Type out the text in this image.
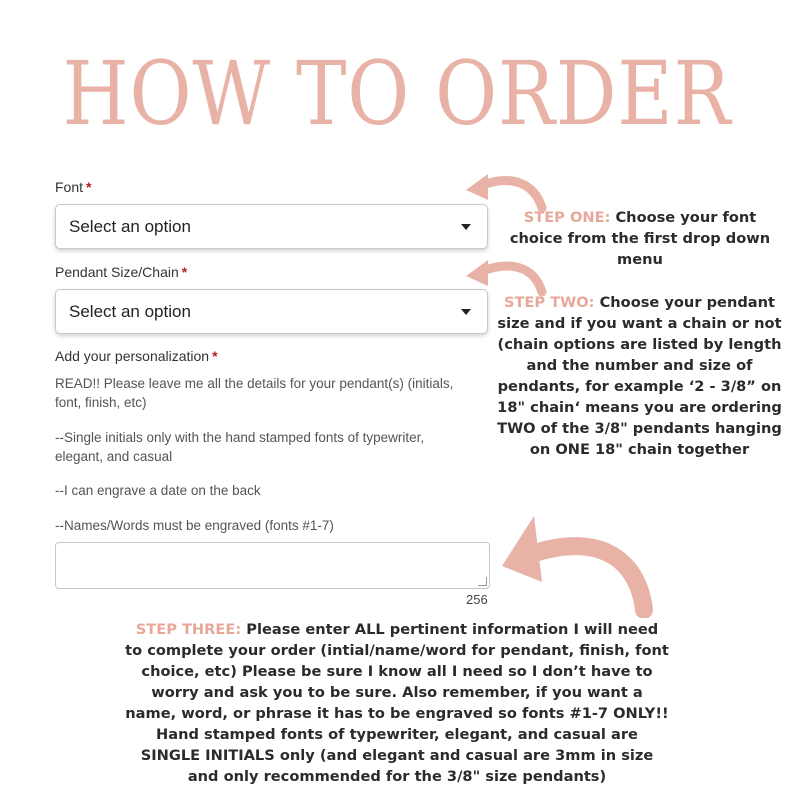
HOW TO ORDER
Font *
Select an option
Pendant Size/Chain *
Select an option
Add your personalization *
READ!! Please leave me all the details for your pendant(s) (initials, font, finish, etc)
--Single initials only with the hand stamped fonts of typewriter, elegant, and casual
--I can engrave a date on the back
--Names/Words must be engraved (fonts #1-7)
256
STEP ONE: Choose your font choice from the first drop down menu
STEP TWO: Choose your pendant size and if you want a chain or not (chain options are listed by length and the number and size of pendants, for example ‘2 - 3/8” on 18" chain‘ means you are ordering TWO of the 3/8" pendants hanging on ONE 18" chain together
STEP THREE: Please enter ALL pertinent information I will need to complete your order (intial/name/word for pendant, finish, font choice, etc) Please be sure I know all I need so I don’t have to worry and ask you to be sure. Also remember, if you want a name, word, or phrase it has to be engraved so fonts #1-7 ONLY!! Hand stamped fonts of typewriter, elegant, and casual are SINGLE INITIALS only (and elegant and casual are 3mm in size and only recommended for the 3/8" size pendants)
